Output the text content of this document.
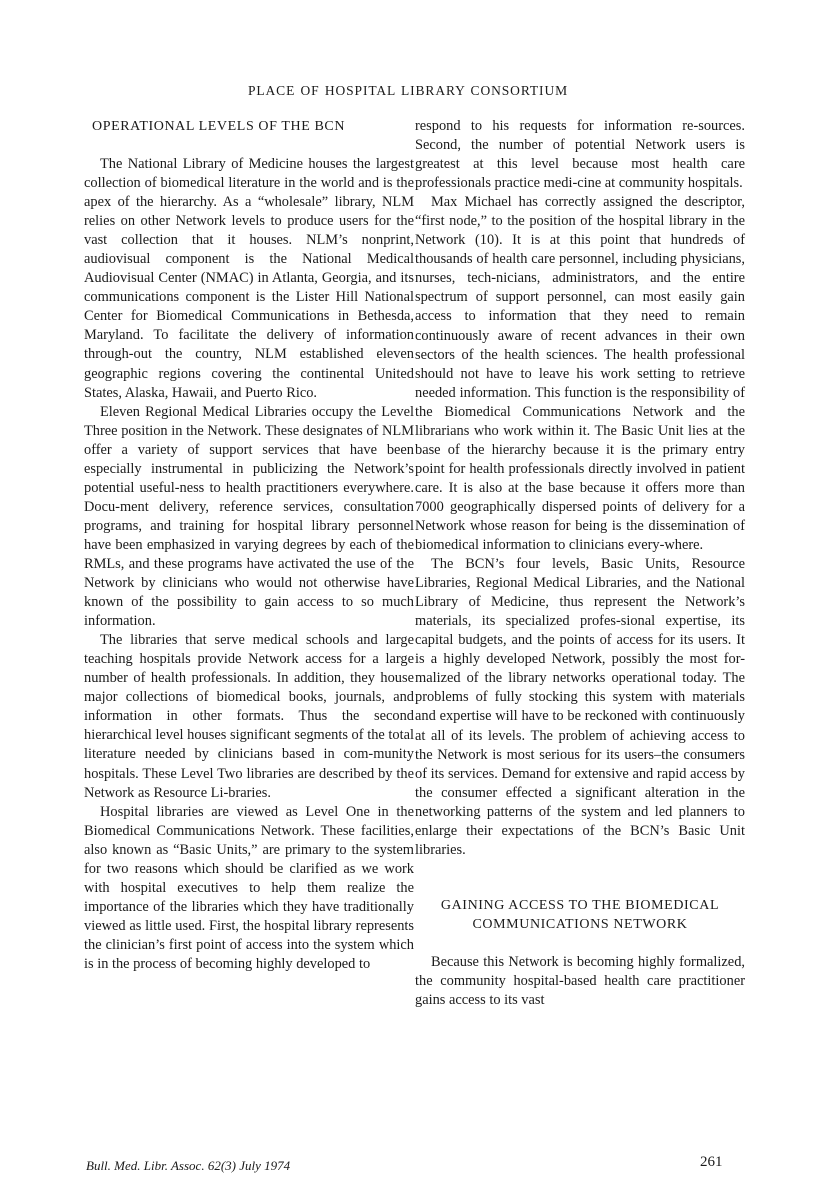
PLACE OF HOSPITAL LIBRARY CONSORTIUM
OPERATIONAL LEVELS OF THE BCN

The National Library of Medicine houses the largest collection of biomedical literature in the world and is the apex of the hierarchy. As a “wholesale” library, NLM relies on other Network levels to produce users for the vast collection that it houses. NLM’s nonprint, audiovisual component is the National Medical Audiovisual Center (NMAC) in Atlanta, Georgia, and its communications component is the Lister Hill National Center for Biomedical Communications in Bethesda, Maryland. To facilitate the delivery of information through-out the country, NLM established eleven geographic regions covering the continental United States, Alaska, Hawaii, and Puerto Rico.

Eleven Regional Medical Libraries occupy the Level Three position in the Network. These designates of NLM offer a variety of support services that have been especially instrumental in publicizing the Network’s potential useful-ness to health practitioners everywhere. Docu-ment delivery, reference services, consultation programs, and training for hospital library personnel have been emphasized in varying degrees by each of the RMLs, and these programs have activated the use of the Network by clinicians who would not otherwise have known of the possibility to gain access to so much information.

The libraries that serve medical schools and large teaching hospitals provide Network access for a large number of health professionals. In addition, they house major collections of biomedical books, journals, and information in other formats. Thus the second hierarchical level houses significant segments of the total literature needed by clinicians based in com-munity hospitals. These Level Two libraries are described by the Network as Resource Li-braries.

Hospital libraries are viewed as Level One in the Biomedical Communications Network. These facilities, also known as “Basic Units,” are primary to the system for two reasons which should be clarified as we work with hospital executives to help them realize the importance of the libraries which they have traditionally viewed as little used. First, the hospital library represents the clinician’s first point of access into the system which is in the process of becoming highly developed to

respond to his requests for information re-sources. Second, the number of potential Network users is greatest at this level because most health care professionals practice medi-cine at community hospitals.

Max Michael has correctly assigned the descriptor, “first node,” to the position of the hospital library in the Network (10). It is at this point that hundreds of thousands of health care personnel, including physicians, nurses, tech-nicians, administrators, and the entire spectrum of support personnel, can most easily gain access to information that they need to remain continuously aware of recent advances in their own sectors of the health sciences. The health professional should not have to leave his work setting to retrieve needed information. This function is the responsibility of the Biomedical Communications Network and the librarians who work within it. The Basic Unit lies at the base of the hierarchy because it is the primary entry point for health professionals directly involved in patient care. It is also at the base because it offers more than 7000 geographically dispersed points of delivery for a Network whose reason for being is the dissemination of biomedical information to clinicians every-where.

The BCN’s four levels, Basic Units, Resource Libraries, Regional Medical Libraries, and the National Library of Medicine, thus represent the Network’s materials, its specialized profes-sional expertise, its capital budgets, and the points of access for its users. It is a highly developed Network, possibly the most for-malized of the library networks operational today. The problems of fully stocking this system with materials and expertise will have to be reckoned with continuously at all of its levels. The problem of achieving access to the Network is most serious for its users–the consumers of its services. Demand for extensive and rapid access by the consumer effected a significant alteration in the networking patterns of the system and led planners to enlarge their expectations of the BCN’s Basic Unit libraries.

GAINING ACCESS TO THE BIOMEDICAL
COMMUNICATIONS NETWORK

Because this Network is becoming highly formalized, the community hospital-based health care practitioner gains access to its vast

Bull. Med. Libr. Assoc. 62(3) July 1974	261
